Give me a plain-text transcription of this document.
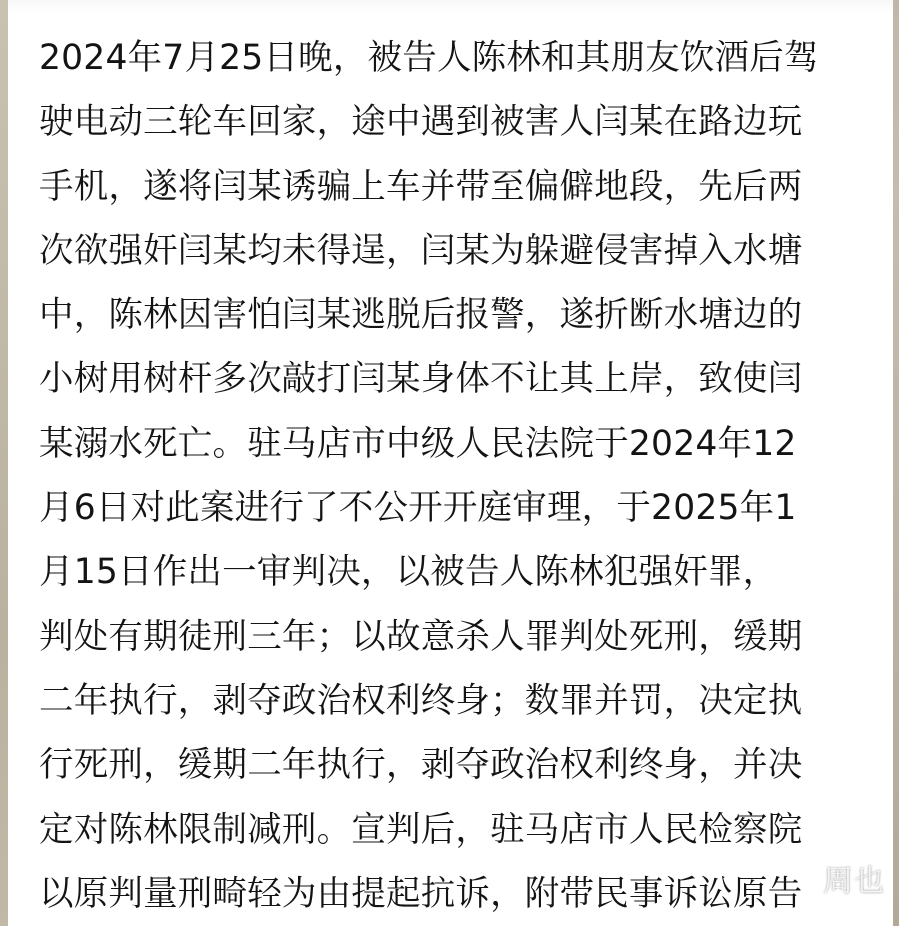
2024年7月25日晚，被告人陈林和其朋友饮酒后驾
驶电动三轮车回家，途中遇到被害人闫某在路边玩
手机，遂将闫某诱骗上车并带至偏僻地段，先后两
次欲强奸闫某均未得逞，闫某为躲避侵害掉入水塘
中，陈林因害怕闫某逃脱后报警，遂折断水塘边的
小树用树杆多次敲打闫某身体不让其上岸，致使闫
某溺水死亡。驻马店市中级人民法院于2024年12
月6日对此案进行了不公开开庭审理，于2025年1
月15日作出一审判决，以被告人陈林犯强奸罪，
判处有期徒刑三年；以故意杀人罪判处死刑，缓期
二年执行，剥夺政治权利终身；数罪并罚，决定执
行死刑，缓期二年执行，剥夺政治权利终身，并决
定对陈林限制减刑。宣判后，驻马店市人民检察院
以原判量刑畸轻为由提起抗诉，附带民事诉讼原告 周也
